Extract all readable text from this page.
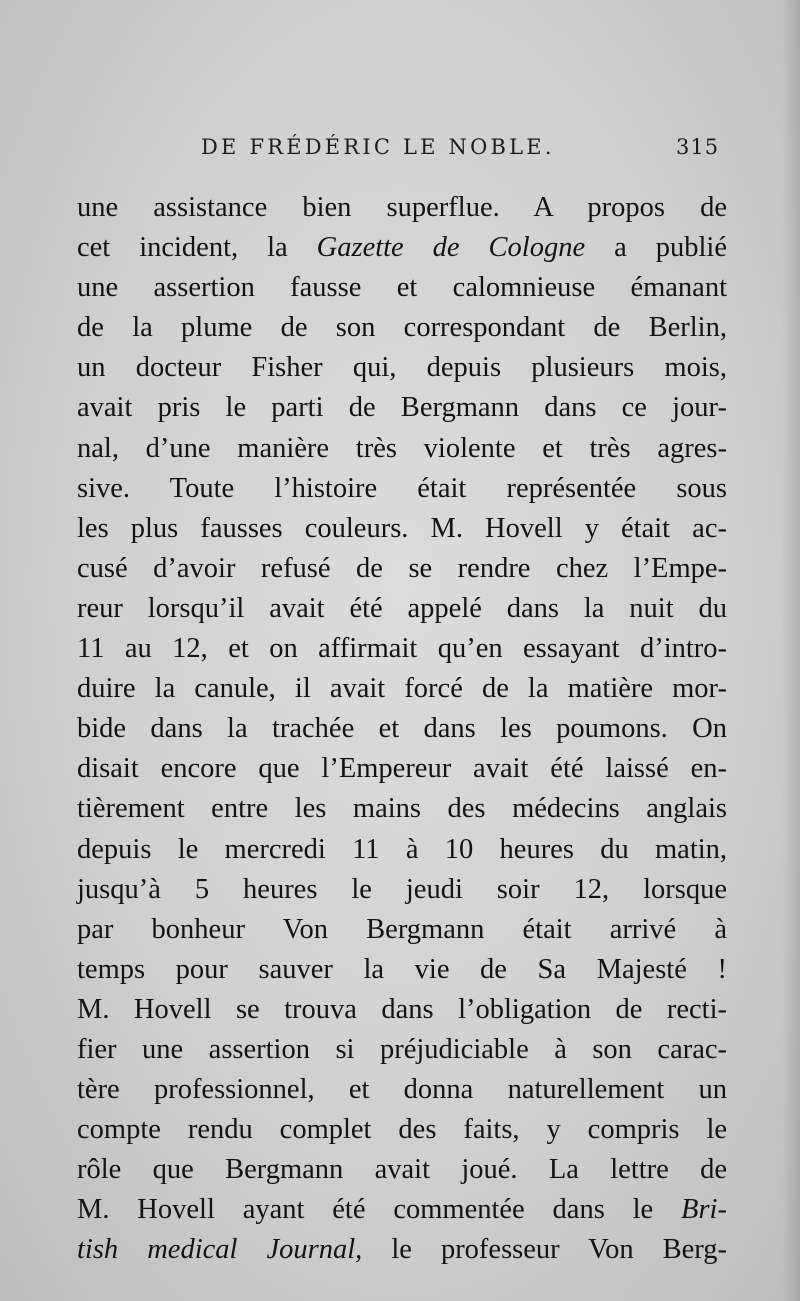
DE FRÉDÉRIC LE NOBLE.	315
une assistance bien superflue. A propos de
cet incident, la Gazette de Cologne a publié
une assertion fausse et calomnieuse émanant
de la plume de son correspondant de Berlin,
un docteur Fisher qui, depuis plusieurs mois,
avait pris le parti de Bergmann dans ce jour-
nal, d’une manière très violente et très agres-
sive. Toute l’histoire était représentée sous
les plus fausses couleurs. M. Hovell y était ac-
cusé d’avoir refusé de se rendre chez l’Empe-
reur lorsqu’il avait été appelé dans la nuit du
11 au 12, et on affirmait qu’en essayant d’intro-
duire la canule, il avait forcé de la matière mor-
bide dans la trachée et dans les poumons. On
disait encore que l’Empereur avait été laissé en-
tièrement entre les mains des médecins anglais
depuis le mercredi 11 à 10 heures du matin,
jusqu’à 5 heures le jeudi soir 12, lorsque
par bonheur Von Bergmann était arrivé à
temps pour sauver la vie de Sa Majesté !
M. Hovell se trouva dans l’obligation de recti-
fier une assertion si préjudiciable à son carac-
tère professionnel, et donna naturellement un
compte rendu complet des faits, y compris le
rôle que Bergmann avait joué. La lettre de
M. Hovell ayant été commentée dans le Bri-
tish medical Journal, le professeur Von Berg-
